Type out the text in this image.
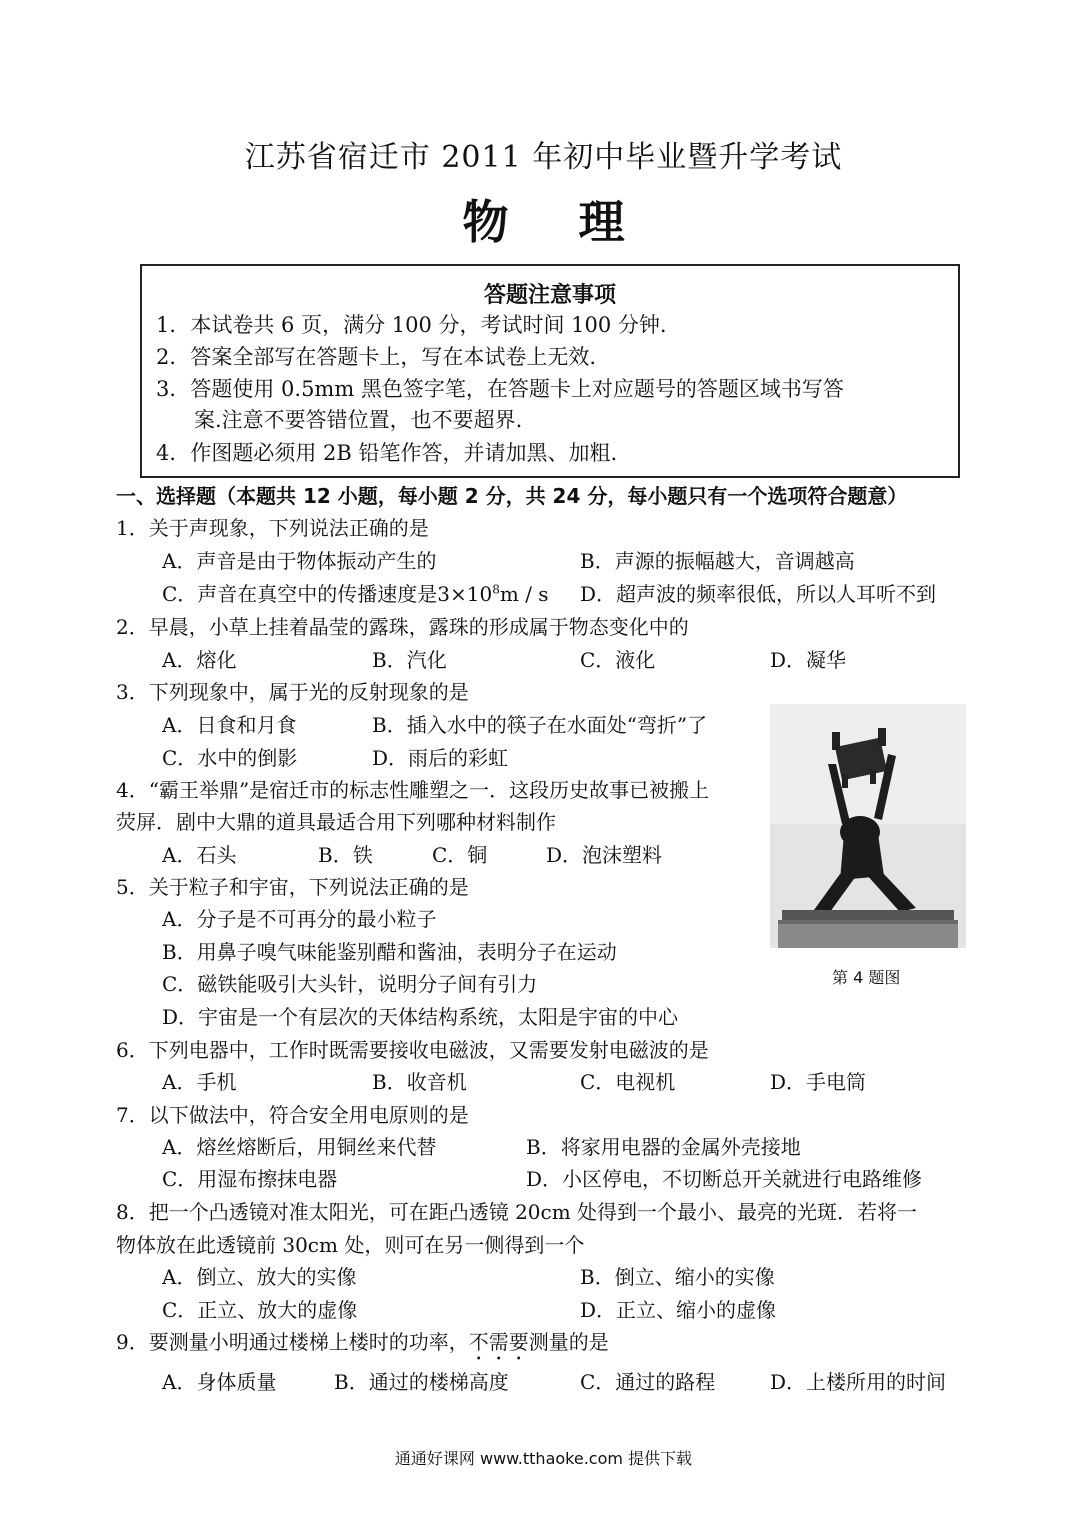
江苏省宿迁市 2011 年初中毕业暨升学考试
物理
答题注意事项
1．本试卷共 6 页，满分 100 分，考试时间 100 分钟.
2．答案全部写在答题卡上，写在本试卷上无效.
3．答题使用 0.5mm 黑色签字笔，在答题卡上对应题号的答题区域书写答
案.注意不要答错位置，也不要超界.
4．作图题必须用 2B 铅笔作答，并请加黑、加粗.
一、选择题（本题共 12 小题，每小题 2 分，共 24 分，每小题只有一个选项符合题意）
1．关于声现象，下列说法正确的是
A．声音是由于物体振动产生的	B．声源的振幅越大，音调越高
C．声音在真空中的传播速度是$3\times 10^8m / s$ D．超声波的频率很低，所以人耳听不到
2．早晨，小草上挂着晶莹的露珠，露珠的形成属于物态变化中的
A．熔化	B．汽化	C．液化	D．凝华
3．下列现象中，属于光的反射现象的是
A．日食和月食	B．插入水中的筷子在水面处“弯折”了
C．水中的倒影	D．雨后的彩虹
4．“霸王举鼎”是宿迁市的标志性雕塑之一．这段历史故事已被搬上
荧屏．剧中大鼎的道具最适合用下列哪种材料制作
A．石头	B．铁	C．铜	D．泡沫塑料
第 4 题图
5．关于粒子和宇宙，下列说法正确的是
A．分子是不可再分的最小粒子
B．用鼻子嗅气味能鉴别醋和酱油，表明分子在运动
C．磁铁能吸引大头针，说明分子间有引力
D．宇宙是一个有层次的天体结构系统，太阳是宇宙的中心
6．下列电器中，工作时既需要接收电磁波，又需要发射电磁波的是
A．手机	B．收音机	C．电视机	D．手电筒
7．以下做法中，符合安全用电原则的是
A．熔丝熔断后，用铜丝来代替	B．将家用电器的金属外壳接地
C．用湿布擦抹电器	D．小区停电，不切断总开关就进行电路维修
8．把一个凸透镜对准太阳光，可在距凸透镜 20cm 处得到一个最小、最亮的光斑．若将一
物体放在此透镜前 30cm 处，则可在另一侧得到一个
A．倒立、放大的实像	B．倒立、缩小的实像
C．正立、放大的虚像	D．正立、缩小的虚像
9．要测量小明通过楼梯上楼时的功率，不需要测量的是
A．身体质量	B．通过的楼梯高度	C．通过的路程	D．上楼所用的时间
通通好课网 www.tthaoke.com 提供下载
